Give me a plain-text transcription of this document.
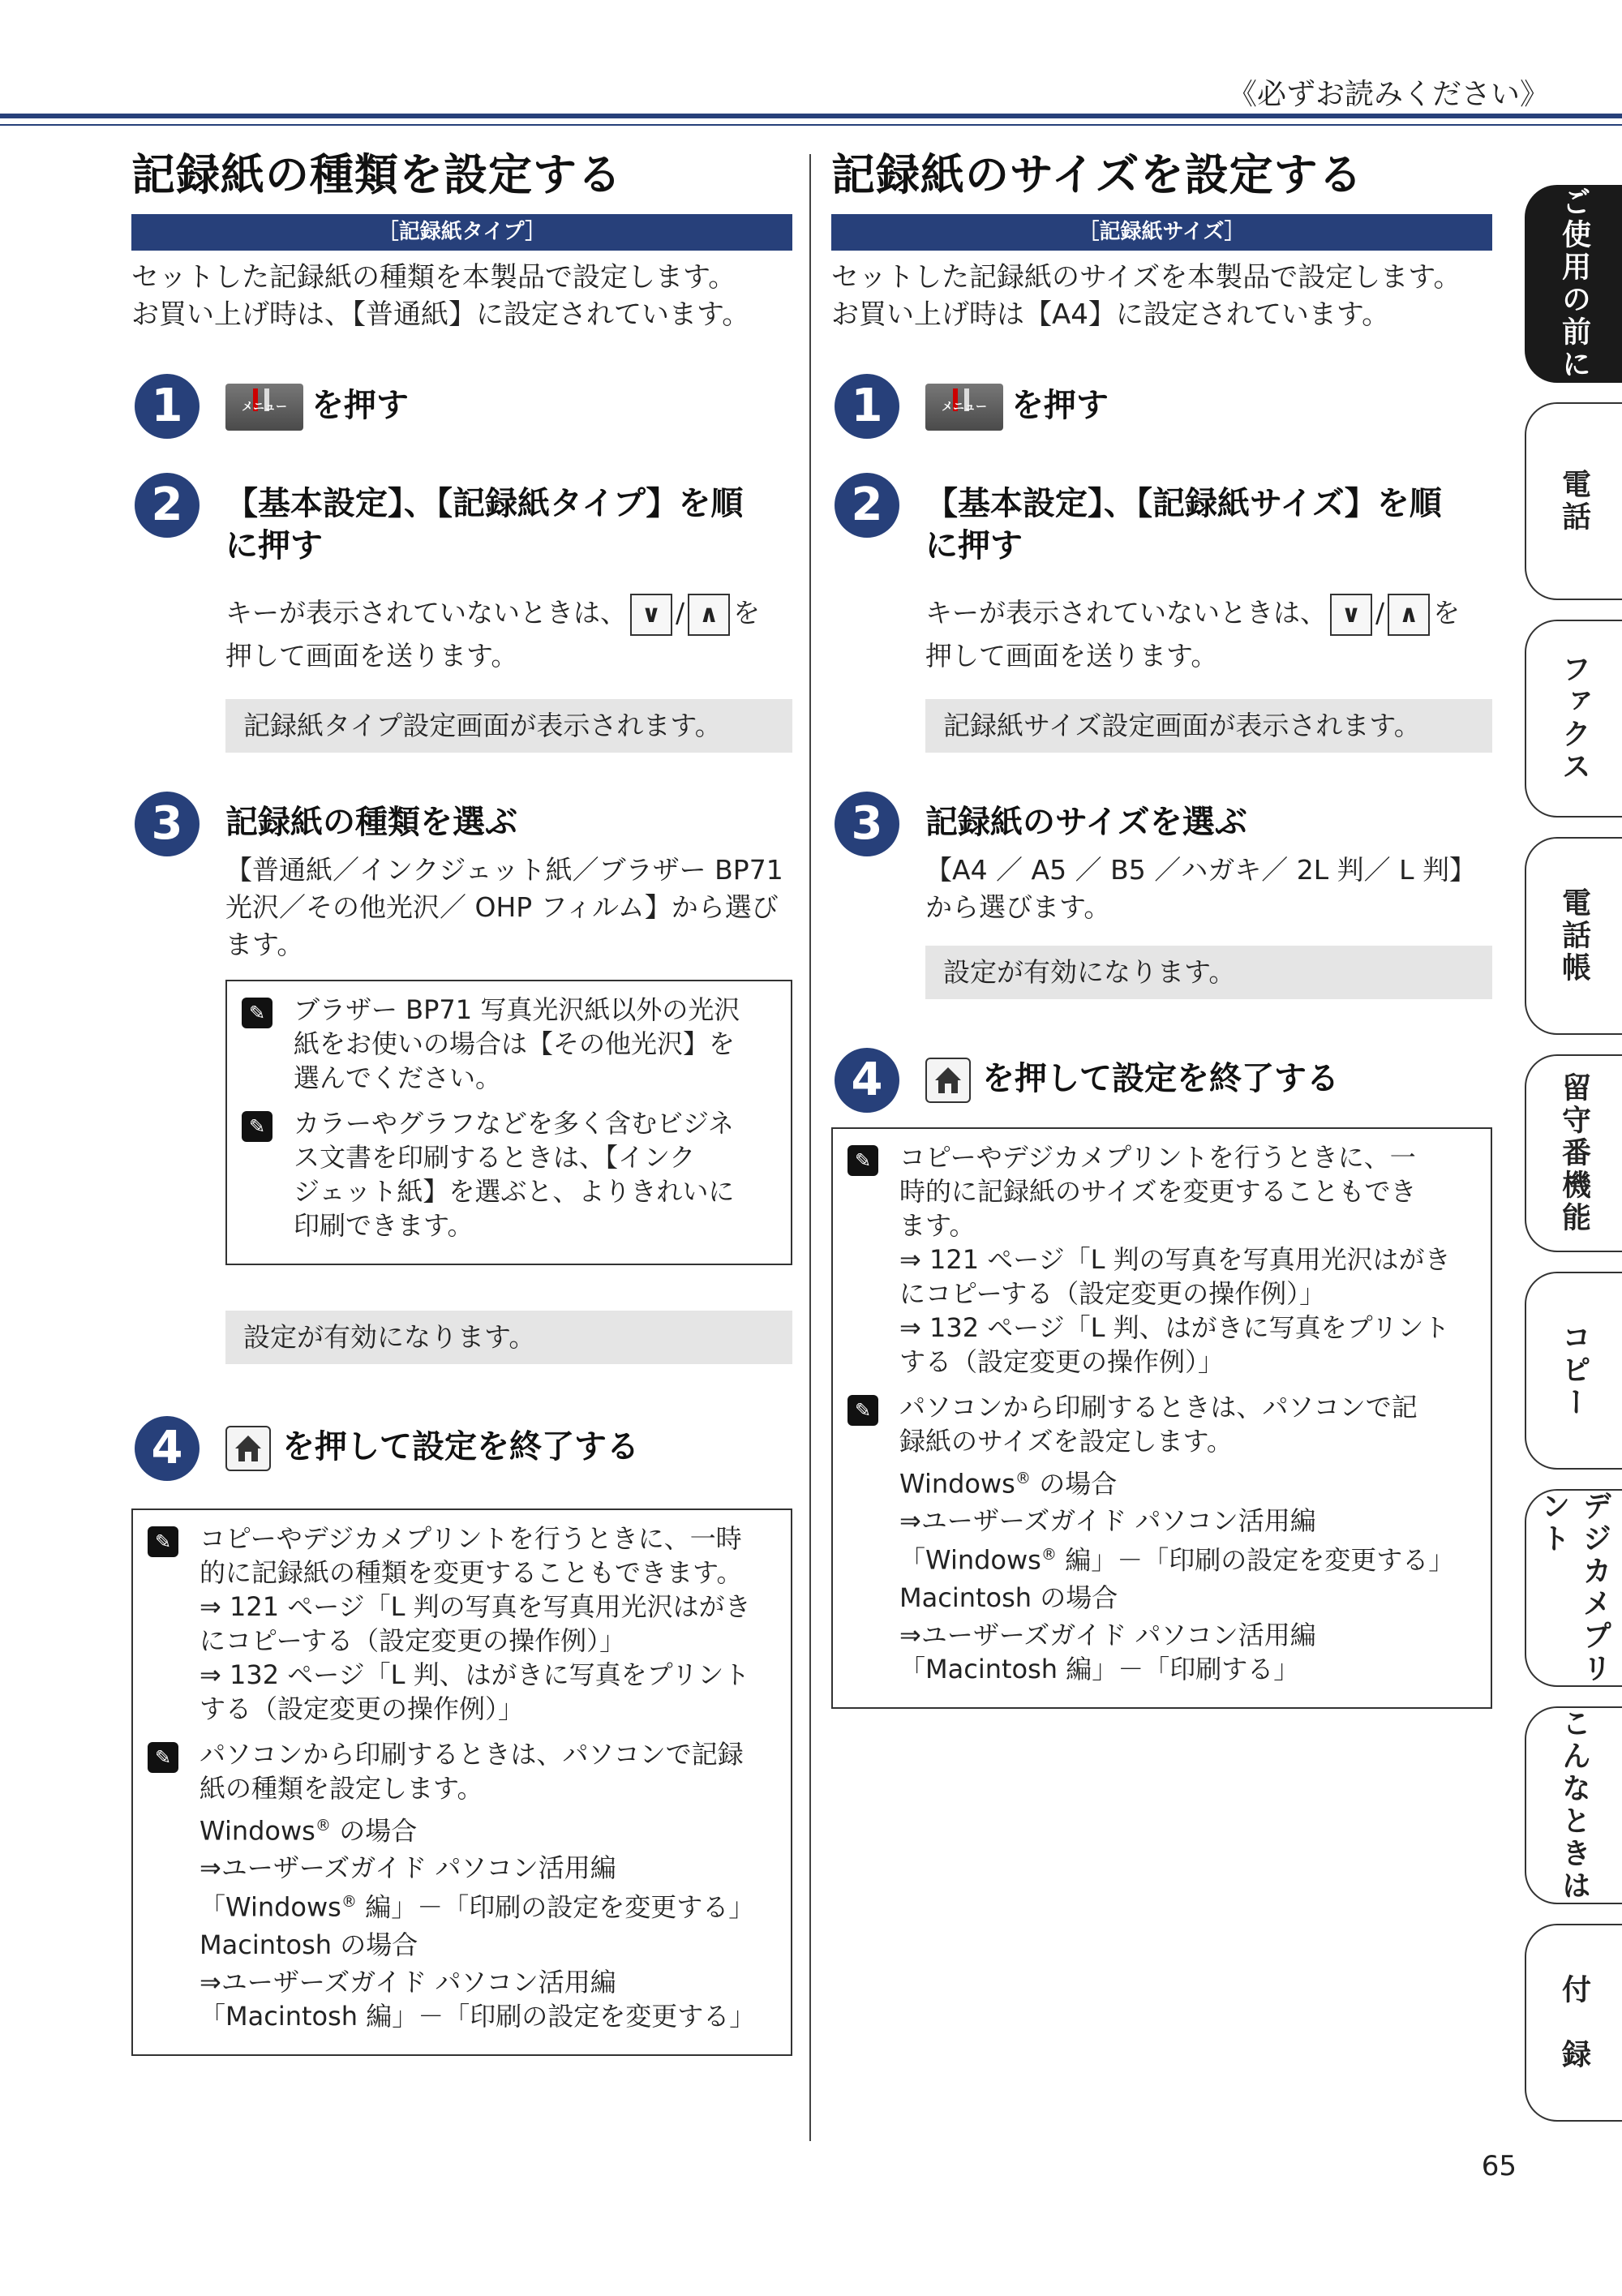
《必ずお読みください》
記録紙の種類を設定する
［記録紙タイプ］
セットした記録紙の種類を本製品で設定します。
お買い上げ時は、【普通紙】に設定されています。
1	メニュー を押す
2	【基本設定】、【記録紙タイプ】を順
に押す
キーが表示されていないときは、 ∨ / ∧ を
押して画面を送ります。
記録紙タイプ設定画面が表示されます。
3	記録紙の種類を選ぶ
【普通紙／インクジェット紙／ブラザー BP71
光沢／その他光沢／ OHP フィルム】から選び
ます。
✎ ブラザー BP71 写真光沢紙以外の光沢
紙をお使いの場合は【その他光沢】を
選んでください。
✎ カラーやグラフなどを多く含むビジネ
ス文書を印刷するときは、【インク
ジェット紙】を選ぶと、よりきれいに
印刷できます。
設定が有効になります。
4	を押して設定を終了する
✎ コピーやデジカメプリントを行うときに、一時
的に記録紙の種類を変更することもできます。
⇒ 121 ページ「L 判の写真を写真用光沢はがき
にコピーする（設定変更の操作例）」
⇒ 132 ページ「L 判、はがきに写真をプリント
する（設定変更の操作例）」
✎ パソコンから印刷するときは、パソコンで記録
紙の種類を設定します。
Windows® の場合
⇒ユーザーズガイド パソコン活用編
「Windows® 編」－「印刷の設定を変更する」
Macintosh の場合
⇒ユーザーズガイド パソコン活用編
「Macintosh 編」－「印刷の設定を変更する」
記録紙のサイズを設定する
［記録紙サイズ］
セットした記録紙のサイズを本製品で設定します。
お買い上げ時は【A4】に設定されています。
1	メニュー を押す
2	【基本設定】、【記録紙サイズ】を順
に押す
キーが表示されていないときは、 ∨ / ∧ を
押して画面を送ります。
記録紙サイズ設定画面が表示されます。
3	記録紙のサイズを選ぶ
【A4 ／ A5 ／ B5 ／ハガキ／ 2L 判／ L 判】
から選びます。
設定が有効になります。
4	を押して設定を終了する
✎ コピーやデジカメプリントを行うときに、一
時的に記録紙のサイズを変更することもでき
ます。
⇒ 121 ページ「L 判の写真を写真用光沢はがき
にコピーする（設定変更の操作例）」
⇒ 132 ページ「L 判、はがきに写真をプリント
する（設定変更の操作例）」
✎ パソコンから印刷するときは、パソコンで記
録紙のサイズを設定します。
Windows® の場合
⇒ユーザーズガイド パソコン活用編
「Windows® 編」－「印刷の設定を変更する」
Macintosh の場合
⇒ユーザーズガイド パソコン活用編
「Macintosh 編」－「印刷する」
ご使用の前に
電話
ファクス
電話帳
留守番機能
コピー
デジカメプリント
こんなときは
付　録
65
